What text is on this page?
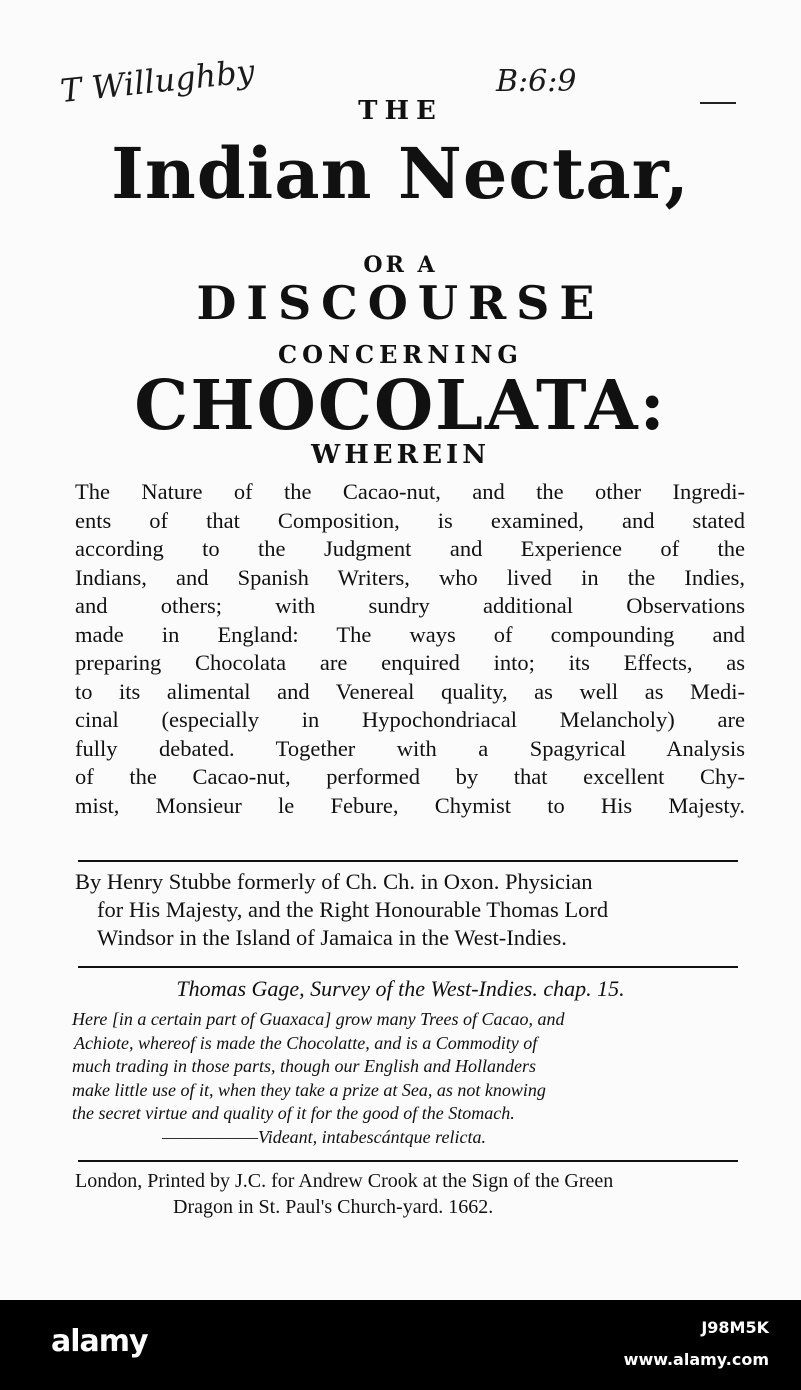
T Willughby	B:6:9
THE
Indian Nectar,
OR A
DISCOURSE
CONCERNING
CHOCOLATA:
WHEREIN
The Nature of the Cacao-nut, and the other Ingredi-
ents of that Composition, is examined, and stated
according to the Judgment and Experience of the
Indians, and Spanish Writers, who lived in the Indies,
and others; with sundry additional Observations
made in England: The ways of compounding and
preparing Chocolata are enquired into; its Effects, as
to its alimental and Venereal quality, as well as Medi-
cinal (especially in Hypochondriacal Melancholy) are
fully debated. Together with a Spagyrical Analysis
of the Cacao-nut, performed by that excellent Chy-
mist, Monsieur le Febure, Chymist to His Majesty.
By Henry Stubbe formerly of Ch. Ch. in Oxon. Physician
for His Majesty, and the Right Honourable Thomas Lord
Windsor in the Island of Jamaica in the West-Indies.
Thomas Gage, Survey of the West-Indies. chap. 15.
Here [in a certain part of Guaxaca] grow many Trees of Cacao, and
Achiote, whereof is made the Chocolatte, and is a Commodity of
much trading in those parts, though our English and Hollanders
make little use of it, when they take a prize at Sea, as not knowing
the secret virtue and quality of it for the good of the Stomach.
——————Videant, intabescántque relicta.
London, Printed by J.C. for Andrew Crook at the Sign of the Green
Dragon in St. Paul's Church-yard. 1662.
alamy	J98M5K
www.alamy.com
